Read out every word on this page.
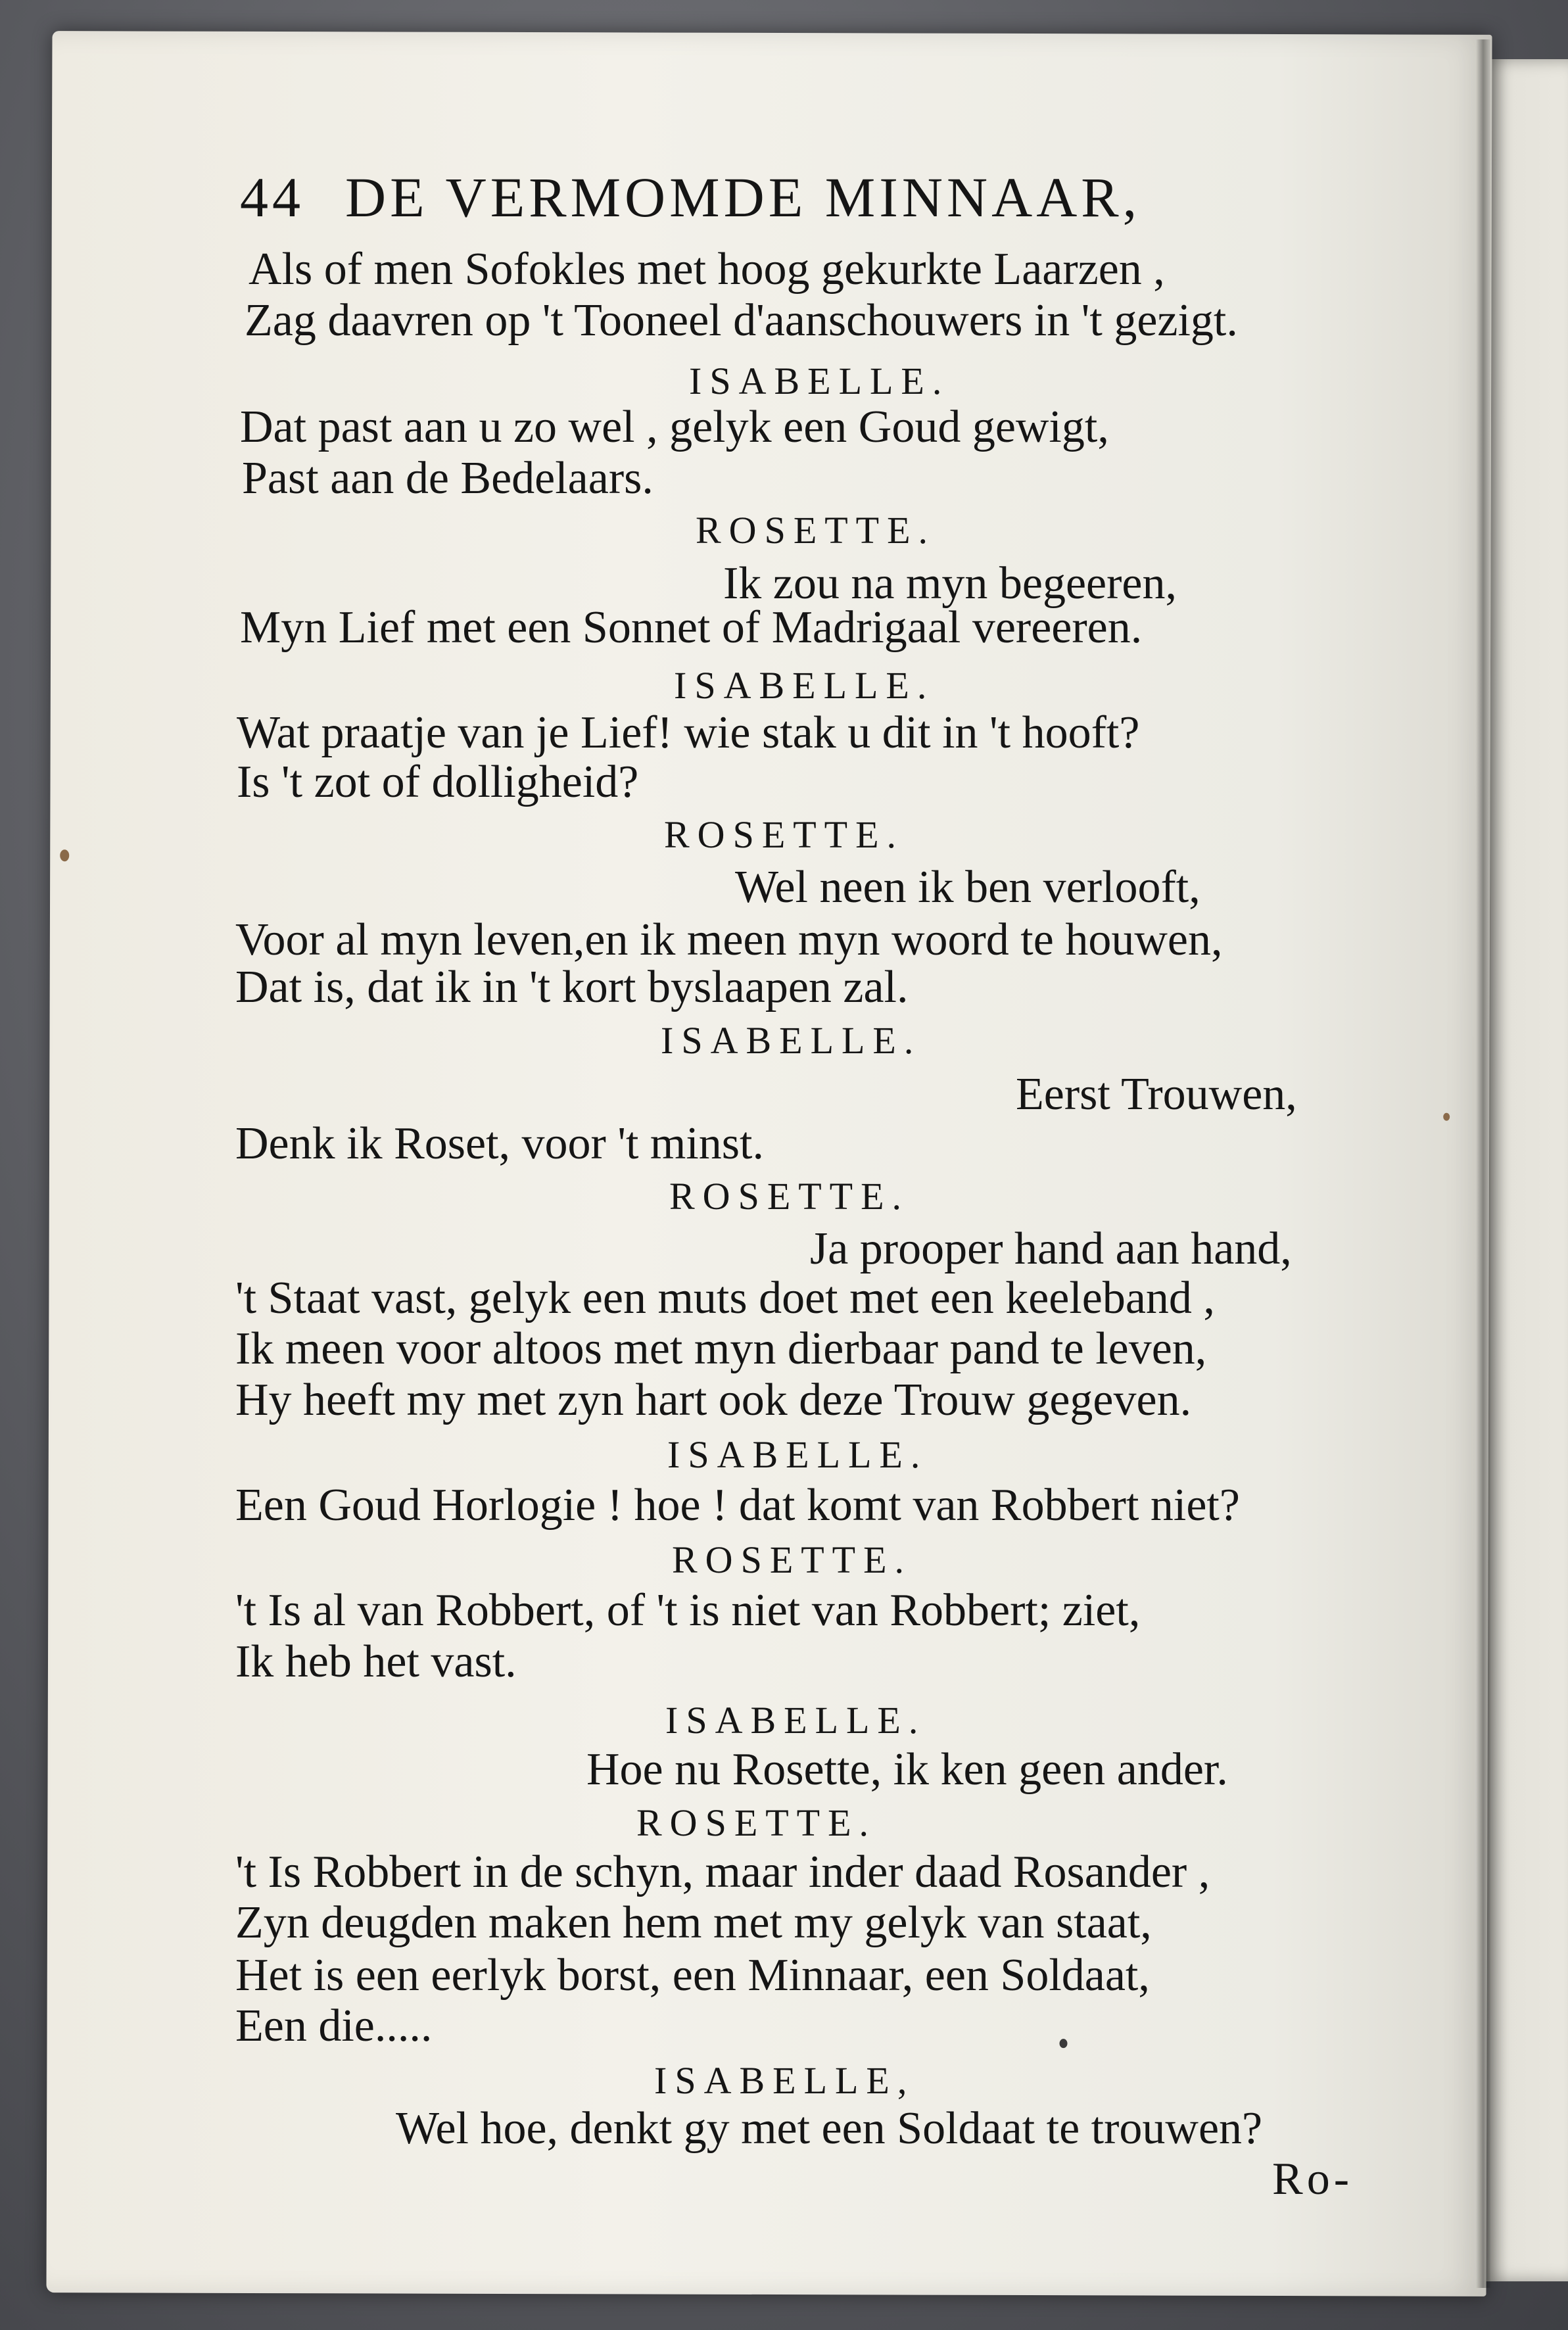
44 DE VERMOMDE MINNAAR,
Als of men Sofokles met hoog gekurkte Laarzen ,
Zag daavren op 't Tooneel d'aanschouwers in 't gezigt.
ISABELLE.
Dat past aan u zo wel , gelyk een Goud gewigt,
Past aan de Bedelaars.
ROSETTE.
Ik zou na myn begeeren,
Myn Lief met een Sonnet of Madrigaal vereeren.
ISABELLE.
Wat praatje van je Lief! wie stak u dit in 't hooft?
Is 't zot of dolligheid?
ROSETTE.
Wel neen ik ben verlooft,
Voor al myn leven,en ik meen myn woord te houwen,
Dat is, dat ik in 't kort byslaapen zal.
ISABELLE.
Eerst Trouwen,
Denk ik Roset, voor 't minst.
ROSETTE.
Ja prooper hand aan hand,
't Staat vast, gelyk een muts doet met een keeleband ,
Ik meen voor altoos met myn dierbaar pand te leven,
Hy heeft my met zyn hart ook deze Trouw gegeven.
ISABELLE.
Een Goud Horlogie ! hoe ! dat komt van Robbert niet?
ROSETTE.
't Is al van Robbert, of 't is niet van Robbert; ziet,
Ik heb het vast.
ISABELLE.
Hoe nu Rosette, ik ken geen ander.
ROSETTE.
't Is Robbert in de schyn, maar inder daad Rosander ,
Zyn deugden maken hem met my gelyk van staat,
Het is een eerlyk borst, een Minnaar, een Soldaat,
Een die.....
ISABELLE,
Wel hoe, denkt gy met een Soldaat te trouwen?
Ro-
